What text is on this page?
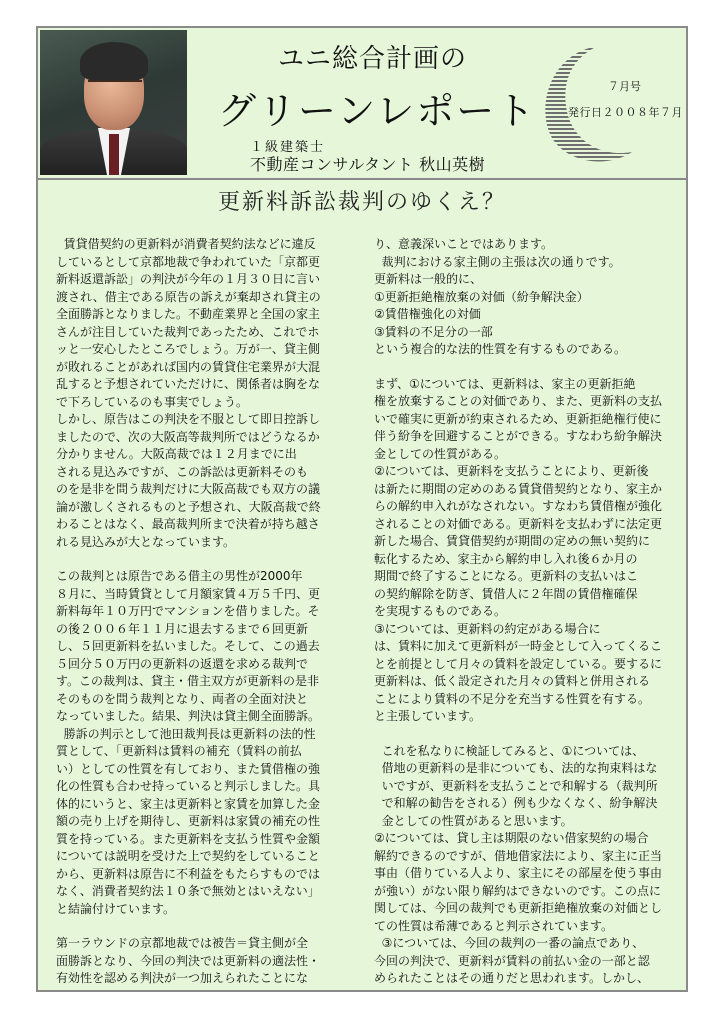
ユニ総合計画の
グリーンレポート
１級建築士
不動産コンサルタント 秋山英樹
７月号
発行日２００８年７月
更新料訴訟裁判のゆくえ？

賃貸借契約の更新料が消費者契約法などに違反
しているとして京都地裁で争われていた「京都更
新料返還訴訟」の判決が今年の１月３０日に言い
渡され、借主である原告の訴えが棄却され貸主の
全面勝訴となりました。不動産業界と全国の家主
さんが注目していた裁判であったため、これでホ
ッと一安心したところでしょう。万が一、貸主側
が敗れることがあれば国内の賃貸住宅業界が大混
乱すると予想されていただけに、関係者は胸をな
で下ろしているのも事実でしょう。

しかし、原告はこの判決を不服として即日控訴し
ましたので、次の大阪高等裁判所ではどうなるか
分かりません。大阪高裁では１２月までに出
される見込みですが、この訴訟は更新料そのも
のを是非を問う裁判だけに大阪高裁でも双方の議
論が激しくされるものと予想され、大阪高裁で終
わることはなく、最高裁判所まで決着が持ち越さ
れる見込みが大となっています。

この裁判とは原告である借主の男性が2000年
８月に、当時賃貸として月額家賃４万５千円、更
新料毎年１０万円でマンションを借りました。そ
の後２００６年１１月に退去するまで６回更新
し、５回更新料を払いました。そして、この過去
５回分５０万円の更新料の返還を求める裁判で
す。この裁判は、貸主・借主双方が更新料の是非
そのものを問う裁判となり、両者の全面対決と
なっていました。結果、判決は貸主側全面勝訴。

勝訴の判示として池田裁判長は更新料の法的性
質として、「更新料は賃料の補充（賃料の前払
い）としての性質を有しており、また賃借権の強
化の性質も合わせ持っていると判示しました。具
体的にいうと、家主は更新料と家賃を加算した金
額の売り上げを期待し、更新料は家賃の補充の性
質を持っている。また更新料を支払う性質や金額
については説明を受けた上で契約をしていること
から、更新料は原告に不利益をもたらすものでは
なく、消費者契約法１０条で無効とはいえない」
と結論付けています。

第一ラウンドの京都地裁では被告＝貸主側が全
面勝訴となり、今回の判決では更新料の適法性・
有効性を認める判決が一つ加えられたことにな

り、意義深いことではあります。
裁判における家主側の主張は次の通りです。
更新料は一般的に、
①更新拒絶権放棄の対価（紛争解決金）
②賃借権強化の対価
③賃料の不足分の一部
という複合的な法的性質を有するものである。

まず、①については、更新料は、家主の更新拒絶
権を放棄することの対価であり、また、更新料の支払
いで確実に更新が約束されるため、更新拒絶権行使に
伴う紛争を回避することができる。すなわち紛争解決
金としての性質がある。
②については、更新料を支払うことにより、更新後
は新たに期間の定めのある賃貸借契約となり、家主か
らの解約申入れがなされない。すなわち賃借権が強化
されることの対価である。更新料を支払わずに法定更
新した場合、賃貸借契約が期間の定めの無い契約に
転化するため、家主から解約申し入れ後６か月の
期間で終了することになる。更新料の支払いはこ
の契約解除を防ぎ、賃借人に２年間の賃借権確保
を実現するものである。
③については、更新料の約定がある場合に
は、賃料に加えて更新料が一時金として入ってくるこ
とを前提として月々の賃料を設定している。要するに
更新料は、低く設定された月々の賃料と併用される
ことにより賃料の不足分を充当する性質を有する。
と主張しています。

これを私なりに検証してみると、①については、
借地の更新料の是非についても、法的な拘束料はな
いですが、更新料を支払うことで和解する（裁判所
で和解の勧告をされる）例も少なくなく、紛争解決
金としての性質があると思います。
②については、貸し主は期限のない借家契約の場合
解約できるのですが、借地借家法により、家主に正当
事由（借りている人より、家主にその部屋を使う事由
が強い）がない限り解約はできないのです。この点に
関しては、今回の裁判でも更新拒絶権放棄の対価とし
ての性質は希薄であると判示されています。
③については、今回の裁判の一番の論点であり、
今回の判決で、更新料が賃料の前払い金の一部と認
められたことはその通りだと思われます。しかし、
